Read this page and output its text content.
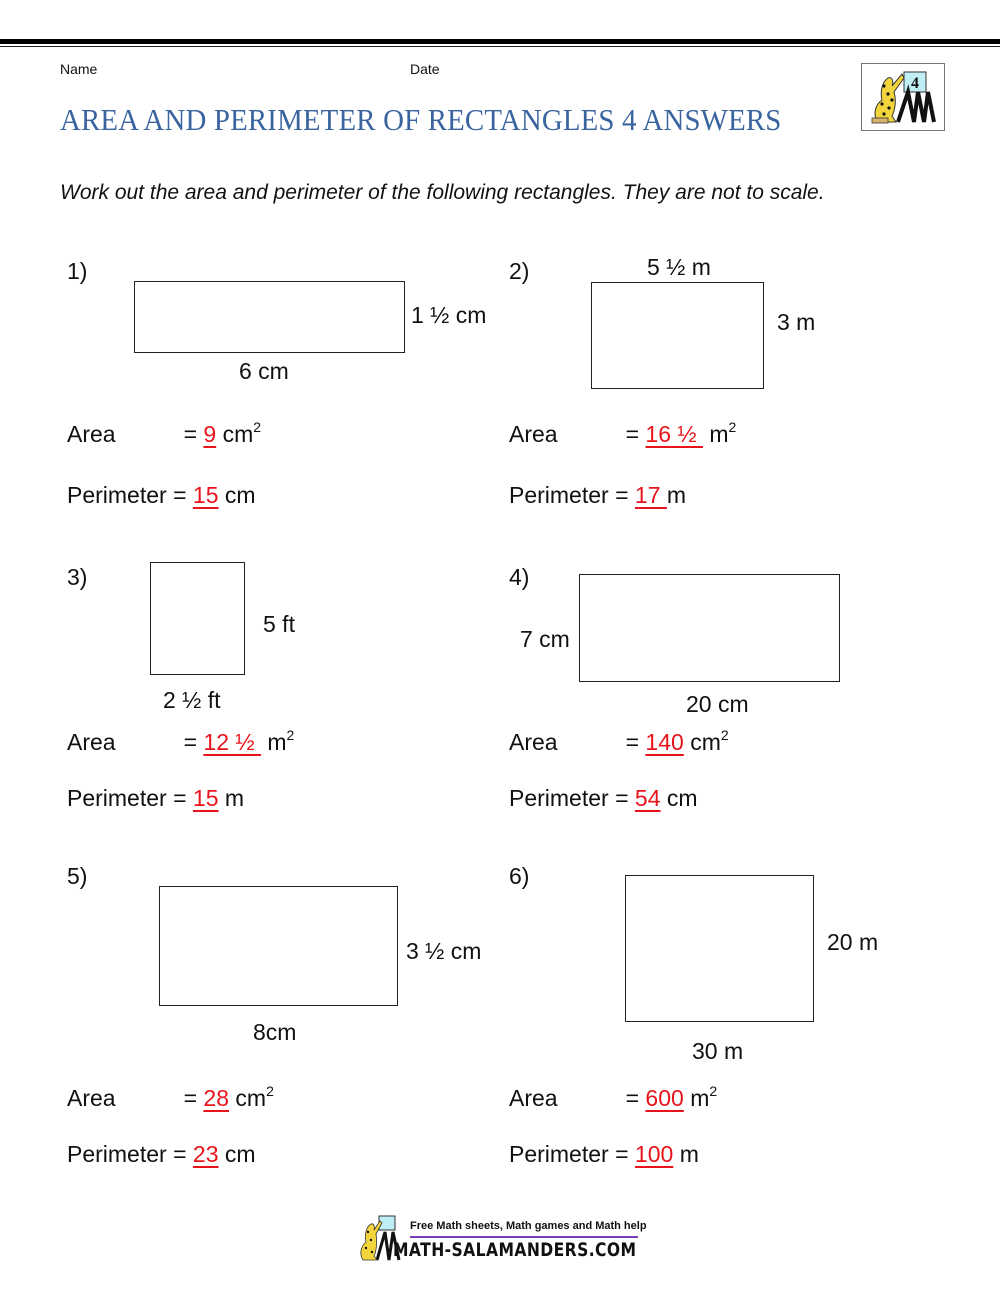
Name	Date
AREA AND PERIMETER OF RECTANGLES 4 ANSWERS
4
Work out the area and perimeter of the following rectangles. They are not to scale.
1)
1 ½ cm
6 cm
Area	= 9 $cm^2$
Perimeter = 15 cm
2)	5 ½ m
3 m
Area	= 16 ½  $m^2$
Perimeter = 17 m
3)
5 ft
2 ½ ft
Area	= 12 ½  $m^2$
Perimeter = 15 m
4)
7 cm
20 cm
Area	= 140 $cm^2$
Perimeter = 54 cm
5)
3 ½ cm
8cm
Area	= 28 $cm^2$
Perimeter = 23 cm
6)
20 m
30 m
Area	= 600 $m^2$
Perimeter = 100 m
Free Math sheets, Math games and Math help
MATH-SALAMANDERS.COM
